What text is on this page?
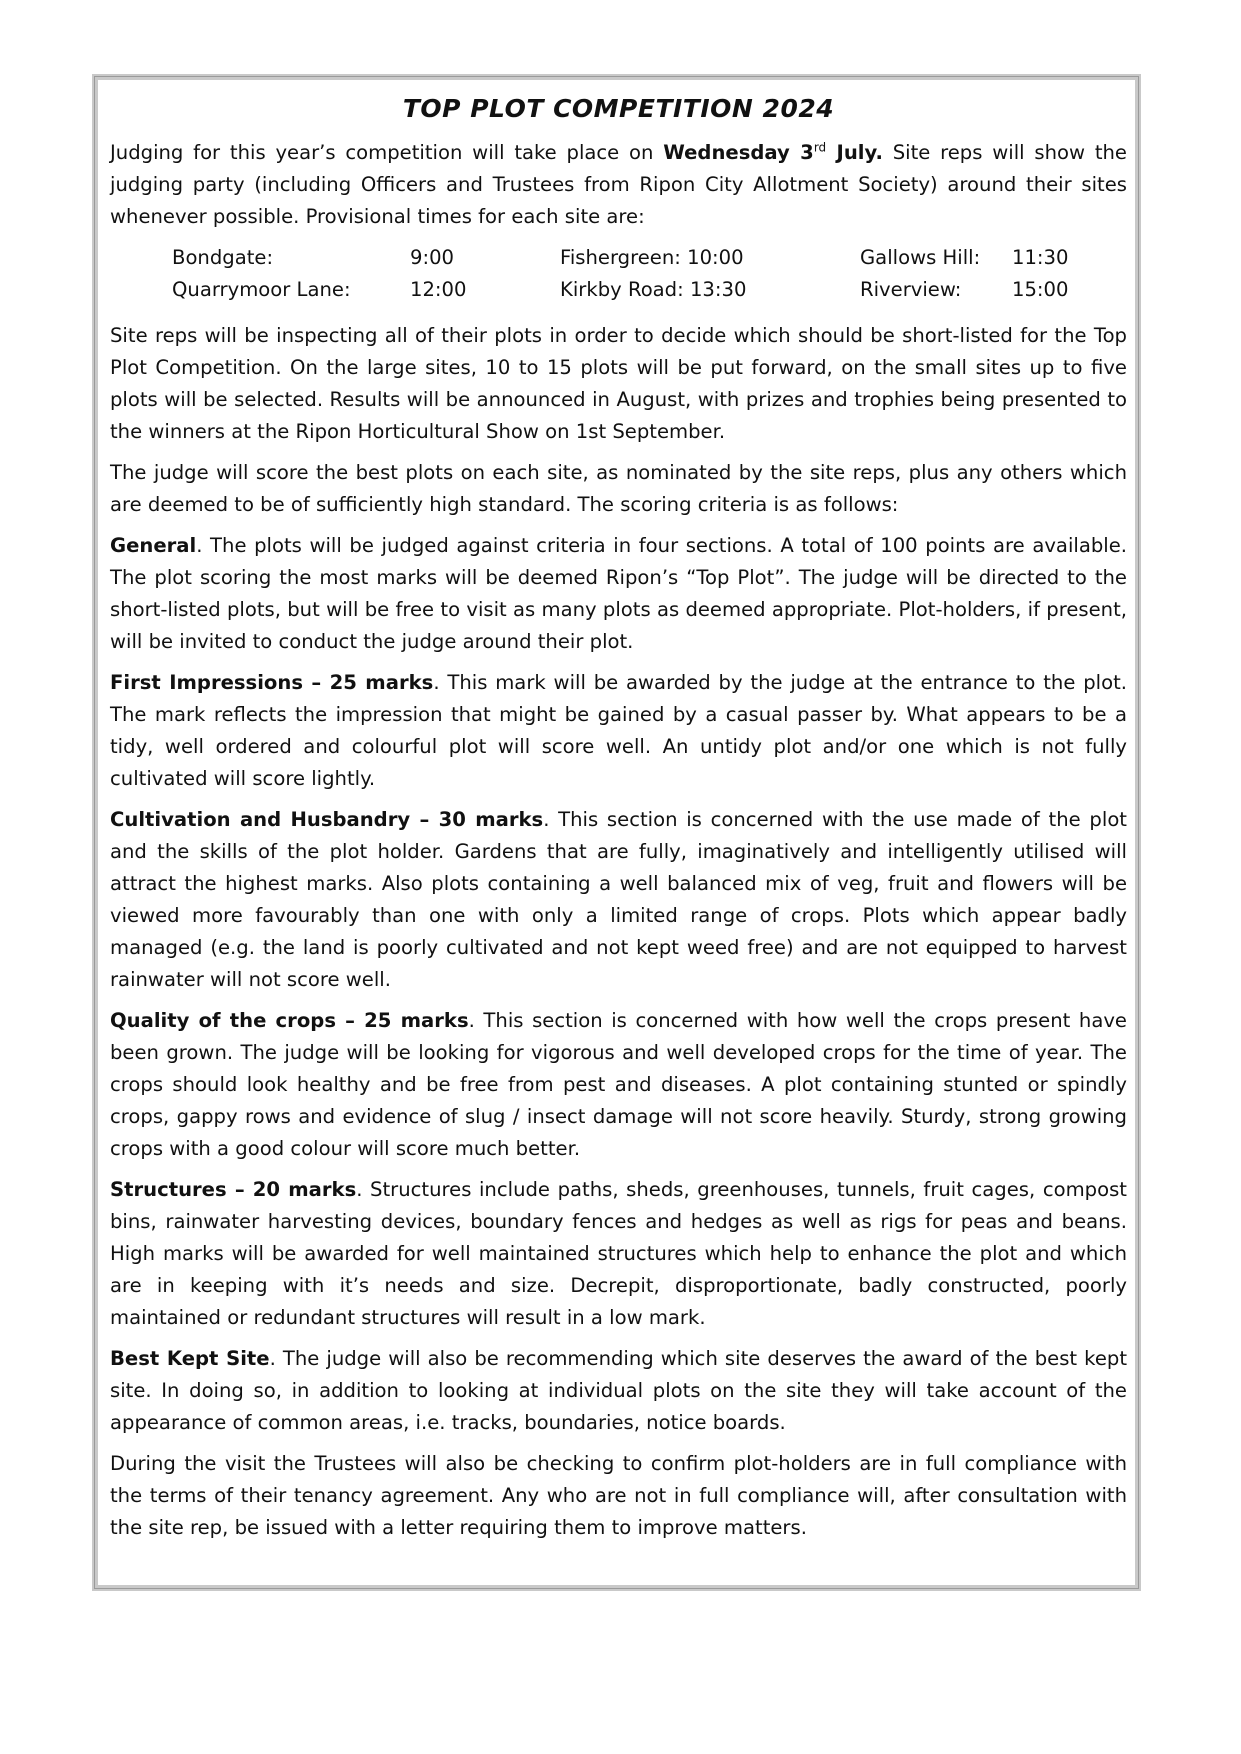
TOP PLOT COMPETITION 2024

Judging for this year’s competition will take place on Wednesday 3rd July. Site reps will show the judging party (including Officers and Trustees from Ripon City Allotment Society) around their sites whenever possible. Provisional times for each site are:

Bondgate:	9:00	Fishergreen: 10:00	Gallows Hill:	11:30
Quarrymoor Lane:	12:00	Kirkby Road: 13:30	Riverview:	15:00

Site reps will be inspecting all of their plots in order to decide which should be short-listed for the Top Plot Competition. On the large sites, 10 to 15 plots will be put forward, on the small sites up to five plots will be selected. Results will be announced in August, with prizes and trophies being presented to the winners at the Ripon Horticultural Show on 1st September.

The judge will score the best plots on each site, as nominated by the site reps, plus any others which are deemed to be of sufficiently high standard. The scoring criteria is as follows:

General. The plots will be judged against criteria in four sections. A total of 100 points are available. The plot scoring the most marks will be deemed Ripon’s “Top Plot”. The judge will be directed to the short-listed plots, but will be free to visit as many plots as deemed appropriate. Plot-holders, if present, will be invited to conduct the judge around their plot.

First Impressions – 25 marks. This mark will be awarded by the judge at the entrance to the plot. The mark reflects the impression that might be gained by a casual passer by. What appears to be a tidy, well ordered and colourful plot will score well. An untidy plot and/or one which is not fully cultivated will score lightly.

Cultivation and Husbandry – 30 marks. This section is concerned with the use made of the plot and the skills of the plot holder. Gardens that are fully, imaginatively and intelligently utilised will attract the highest marks. Also plots containing a well balanced mix of veg, fruit and flowers will be viewed more favourably than one with only a limited range of crops. Plots which appear badly managed (e.g. the land is poorly cultivated and not kept weed free) and are not equipped to harvest rainwater will not score well.

Quality of the crops – 25 marks. This section is concerned with how well the crops present have been grown. The judge will be looking for vigorous and well developed crops for the time of year. The crops should look healthy and be free from pest and diseases. A plot containing stunted or spindly crops, gappy rows and evidence of slug / insect damage will not score heavily. Sturdy, strong growing crops with a good colour will score much better.

Structures – 20 marks. Structures include paths, sheds, greenhouses, tunnels, fruit cages, compost bins, rainwater harvesting devices, boundary fences and hedges as well as rigs for peas and beans. High marks will be awarded for well maintained structures which help to enhance the plot and which are in keeping with it’s needs and size. Decrepit, disproportionate, badly constructed, poorly maintained or redundant structures will result in a low mark.

Best Kept Site. The judge will also be recommending which site deserves the award of the best kept site. In doing so, in addition to looking at individual plots on the site they will take account of the appearance of common areas, i.e. tracks, boundaries, notice boards.

During the visit the Trustees will also be checking to confirm plot-holders are in full compliance with the terms of their tenancy agreement. Any who are not in full compliance will, after consultation with the site rep, be issued with a letter requiring them to improve matters.
